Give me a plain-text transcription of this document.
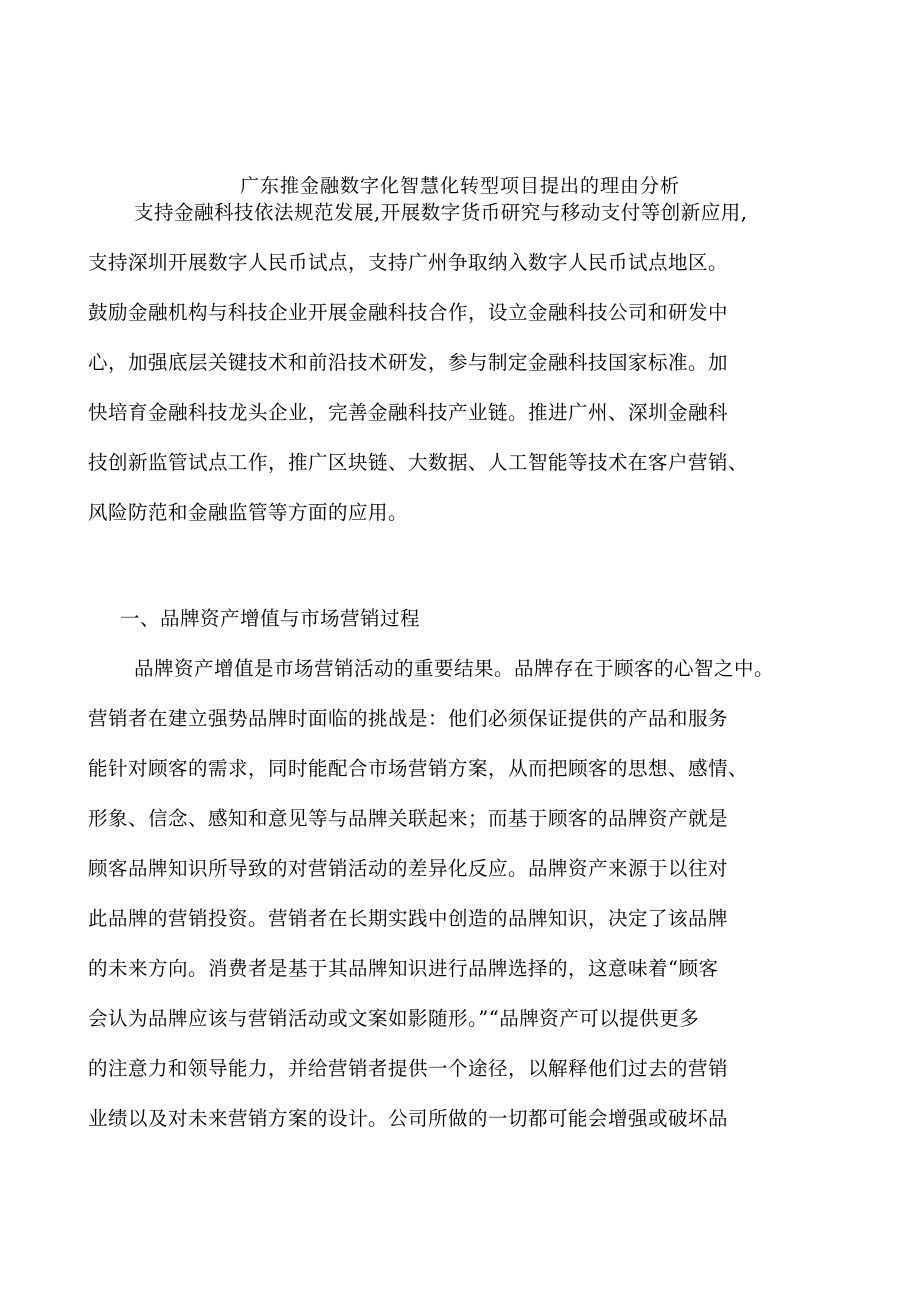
广东推金融数字化智慧化转型项目提出的理由分析
支持金融科技依法规范发展,开展数字货币研究与移动支付等创新应用,
支持深圳开展数字人民币试点，支持广州争取纳入数字人民币试点地区。
鼓励金融机构与科技企业开展金融科技合作，设立金融科技公司和研发中
心，加强底层关键技术和前沿技术研发，参与制定金融科技国家标准。加
快培育金融科技龙头企业，完善金融科技产业链。推进广州、深圳金融科
技创新监管试点工作，推广区块链、大数据、人工智能等技术在客户营销、
风险防范和金融监管等方面的应用。
一、品牌资产增值与市场营销过程
品牌资产增值是市场营销活动的重要结果。品牌存在于顾客的心智之中。
营销者在建立强势品牌时面临的挑战是：他们必须保证提供的产品和服务
能针对顾客的需求，同时能配合市场营销方案，从而把顾客的思想、感情、
形象、信念、感知和意见等与品牌关联起来；而基于顾客的品牌资产就是
顾客品牌知识所导致的对营销活动的差异化反应。品牌资产来源于以往对
此品牌的营销投资。营销者在长期实践中创造的品牌知识，决定了该品牌
的未来方向。消费者是基于其品牌知识进行品牌选择的，这意味着“顾客
会认为品牌应该与营销活动或文案如影随形。”“品牌资产可以提供更多
的注意力和领导能力，并给营销者提供一个途径，以解释他们过去的营销
业绩以及对未来营销方案的设计。公司所做的一切都可能会增强或破坏品
